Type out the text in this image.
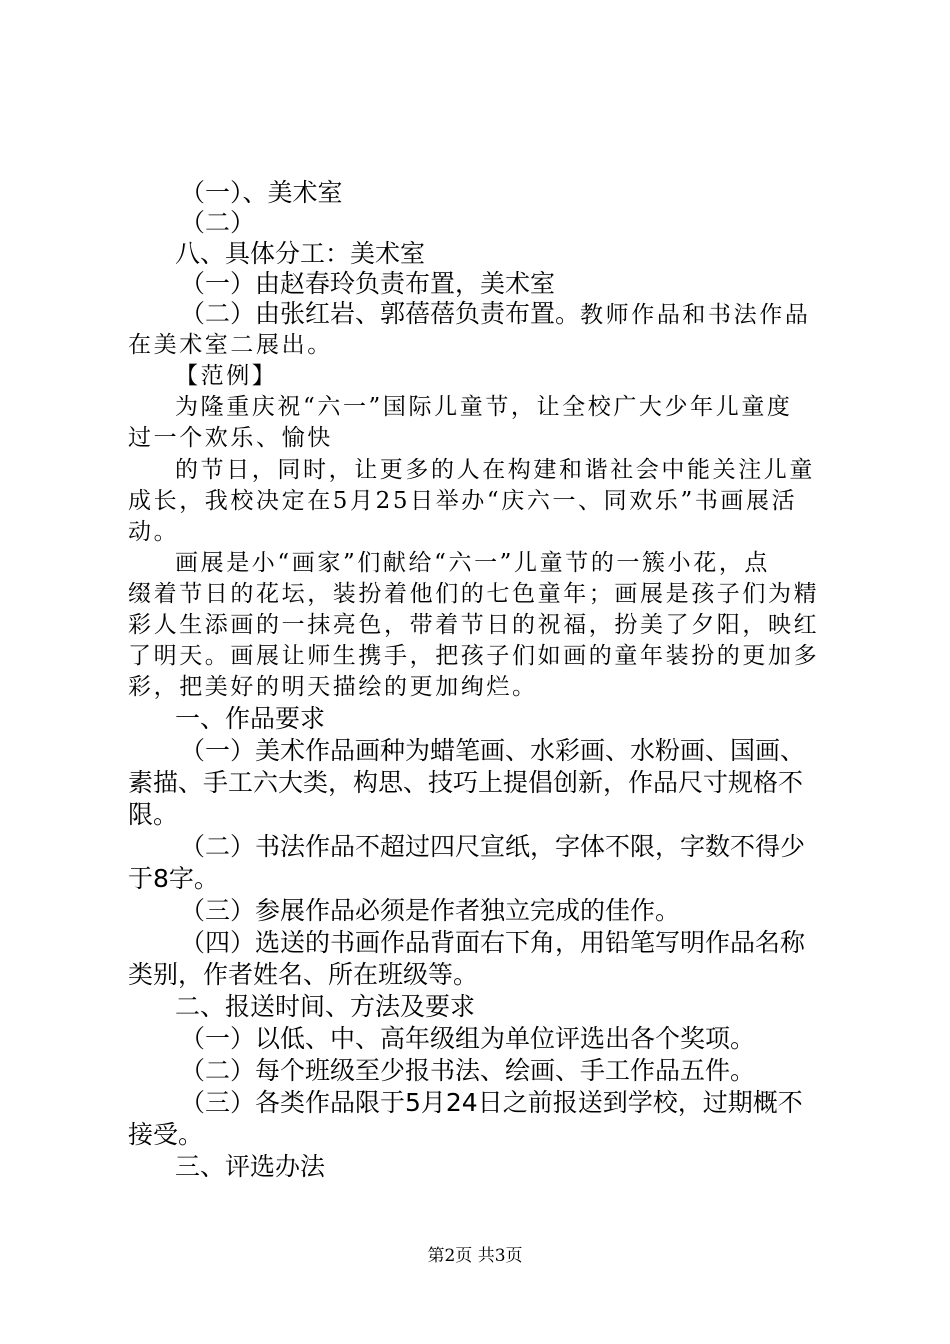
（一）、美术室
（二）
八、具体分工：美术室
（一）由赵春玲负责布置，美术室
（二）由张红岩、郭蓓蓓负责布置。教师作品和书法作品
在美术室二展出。
【范例】
为隆重庆祝“六一”国际儿童节，让全校广大少年儿童度
过一个欢乐、愉快
的节日，同时，让更多的人在构建和谐社会中能关注儿童
成长，我校决定在5月25日举办“庆六一、同欢乐”书画展活
动。
画展是小“画家”们献给“六一”儿童节的一簇小花，点
缀着节日的花坛，装扮着他们的七色童年；画展是孩子们为精
彩人生添画的一抹亮色，带着节日的祝福，扮美了夕阳，映红
了明天。画展让师生携手，把孩子们如画的童年装扮的更加多
彩，把美好的明天描绘的更加绚烂。
一、作品要求
（一）美术作品画种为蜡笔画、水彩画、水粉画、国画、
素描、手工六大类，构思、技巧上提倡创新，作品尺寸规格不
限。
（二）书法作品不超过四尺宣纸，字体不限，字数不得少
于8字。
（三）参展作品必须是作者独立完成的佳作。
（四）选送的书画作品背面右下角，用铅笔写明作品名称
类别，作者姓名、所在班级等。
二、报送时间、方法及要求
（一）以低、中、高年级组为单位评选出各个奖项。
（二）每个班级至少报书法、绘画、手工作品五件。
（三）各类作品限于5月24日之前报送到学校，过期概不
接受。
三、评选办法
第2页 共3页
